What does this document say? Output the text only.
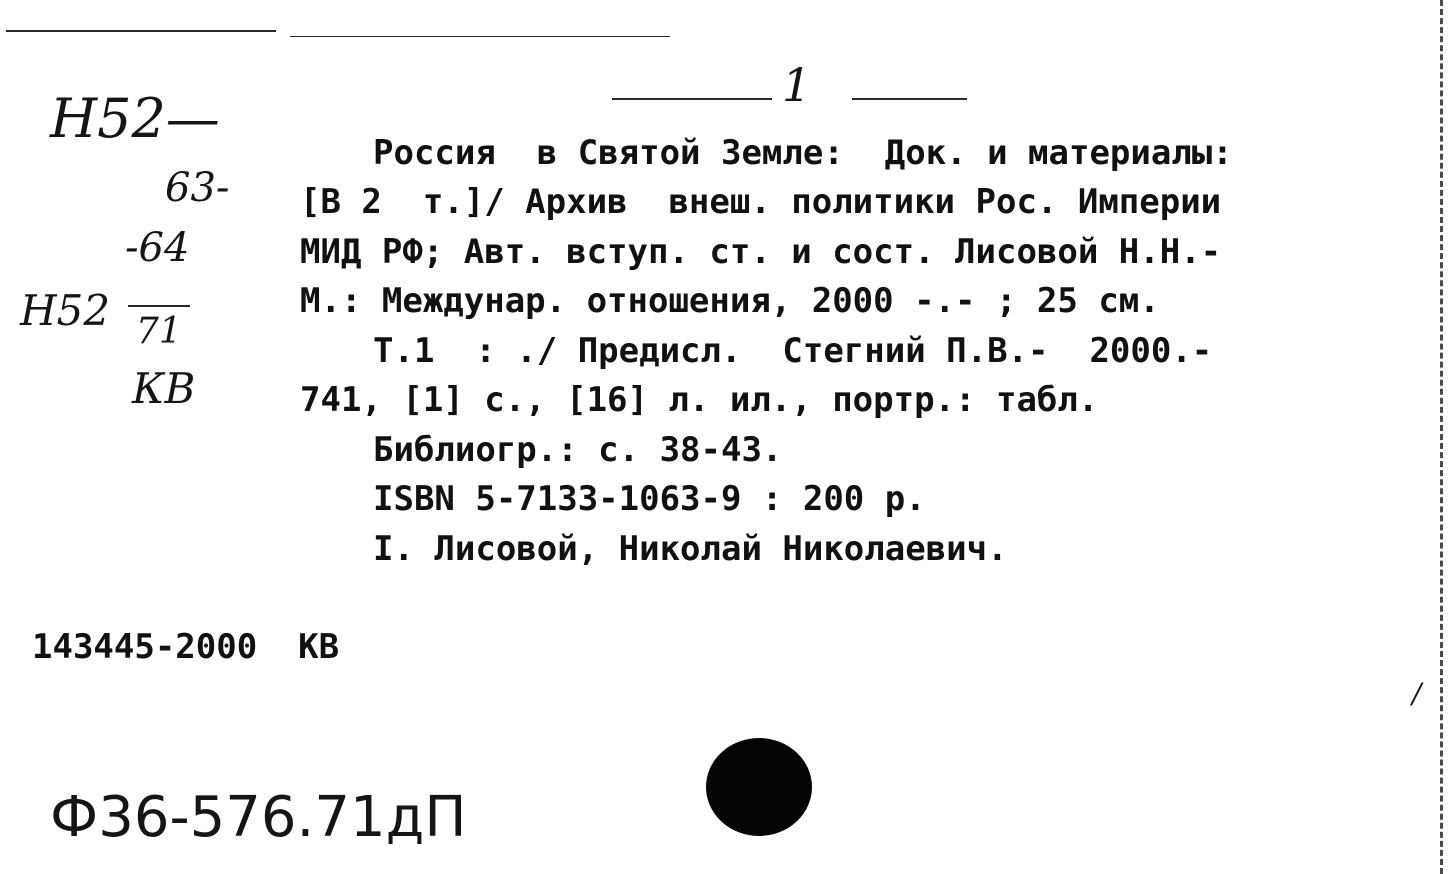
1
Н52—
63-
-64
Н52 71
КВ
Россия  в Святой Земле:  Док. и материалы:
[В 2  т.]/ Архив  внеш. политики Рос. Империи
МИД РФ; Авт. вступ. ст. и сост. Лисовой Н.Н.-
М.: Междунар. отношения, 2000 -.- ; 25 см.
Т.1  : ./ Предисл.  Стегний П.В.-  2000.-
741, [1] с., [16] л. ил., портр.: табл.
Библиогр.: с. 38-43.
ISBN 5-7133-1063-9 : 200 р.
I. Лисовой, Николай Николаевич.
143445-2000  КВ
Ф36-576.71дП
/
